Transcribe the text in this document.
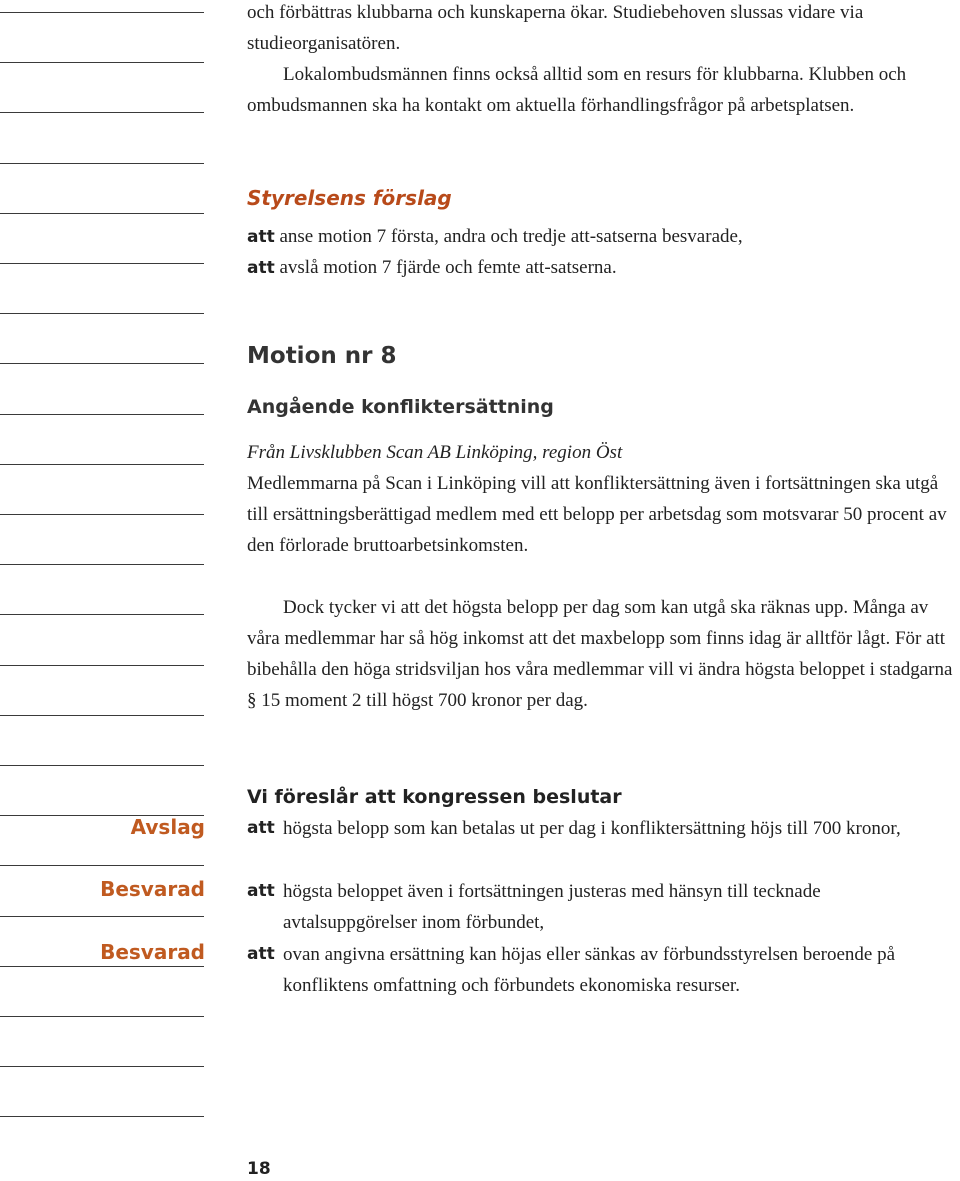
och förbättras klubbarna och kunskaperna ökar. Studiebehoven slussas vidare via studieorganisatören.

Lokalombudsmännen finns också alltid som en resurs för klubbarna. Klubben och ombudsmannen ska ha kontakt om aktuella förhandlingsfrågor på arbetsplatsen.

Styrelsens förslag
att anse motion 7 första, andra och tredje att-satserna besvarade,
att avslå motion 7 fjärde och femte att-satserna.
Motion nr 8
Angående konfliktersättning
Från Livsklubben Scan AB Linköping, region Öst

Medlemmarna på Scan i Linköping vill att konfliktersättning även i fortsättningen ska utgå till ersättningsberättigad medlem med ett belopp per arbetsdag som motsvarar 50 procent av den förlorade bruttoarbetsinkomsten.

Dock tycker vi att det högsta belopp per dag som kan utgå ska räknas upp. Många av våra medlemmar har så hög inkomst att det maxbelopp som finns idag är alltför lågt. För att bibehålla den höga stridsviljan hos våra medlemmar vill vi ändra högsta beloppet i stadgarna § 15 moment 2 till högst 700 kronor per dag.

Vi föreslår att kongressen beslutar
att högsta belopp som kan betalas ut per dag i konfliktersättning höjs till 700 kronor,
att högsta beloppet även i fortsättningen justeras med hänsyn till tecknade avtalsuppgörelser inom förbundet,
att ovan angivna ersättning kan höjas eller sänkas av förbundsstyrelsen beroende på konfliktens omfattning och förbundets ekonomiska resurser.
Avslag
Besvarad
Besvarad
18
